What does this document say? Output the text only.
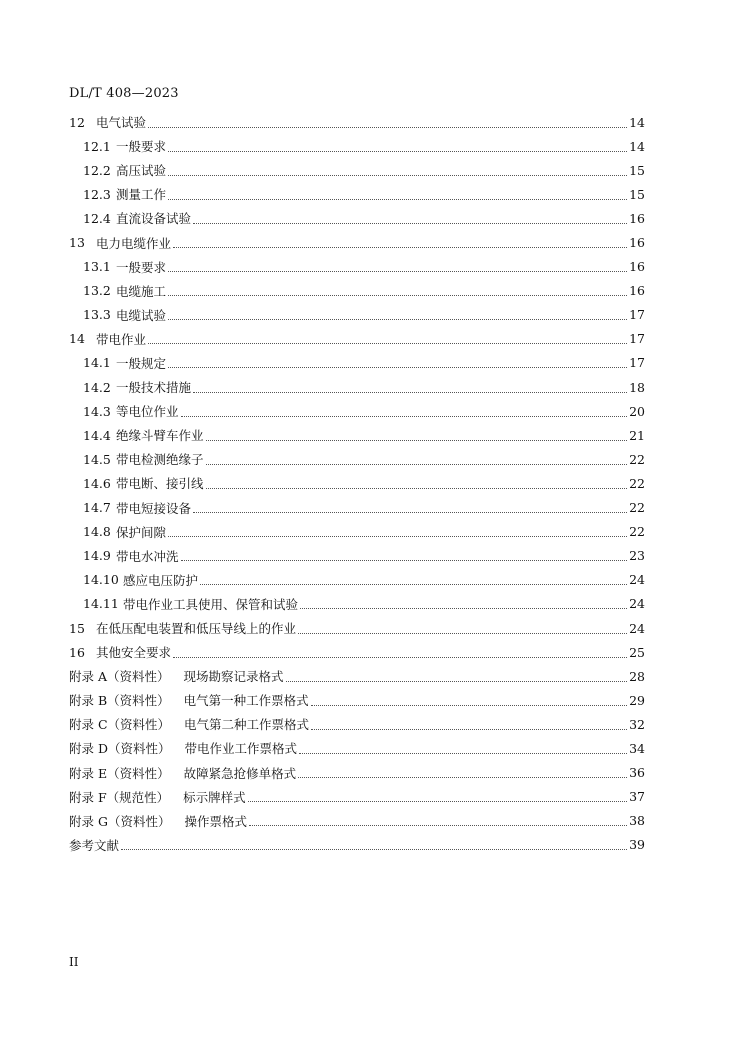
DL/T 408—2023
12 电气试验	14
12.1 一般要求	14
12.2 高压试验	15
12.3 测量工作	15
12.4 直流设备试验	16
13 电力电缆作业	16
13.1 一般要求	16
13.2 电缆施工	16
13.3 电缆试验	17
14 带电作业	17
14.1 一般规定	17
14.2 一般技术措施	18
14.3 等电位作业	20
14.4 绝缘斗臂车作业	21
14.5 带电检测绝缘子	22
14.6 带电断、接引线	22
14.7 带电短接设备	22
14.8 保护间隙	22
14.9 带电水冲洗	23
14.10 感应电压防护	24
14.11 带电作业工具使用、保管和试验	24
15 在低压配电装置和低压导线上的作业	24
16 其他安全要求	25
附录 A（资料性） 现场勘察记录格式	28
附录 B（资料性） 电气第一种工作票格式	29
附录 C（资料性） 电气第二种工作票格式	32
附录 D（资料性） 带电作业工作票格式	34
附录 E（资料性） 故障紧急抢修单格式	36
附录 F（规范性） 标示牌样式	37
附录 G（资料性） 操作票格式	38
参考文献	39
II
